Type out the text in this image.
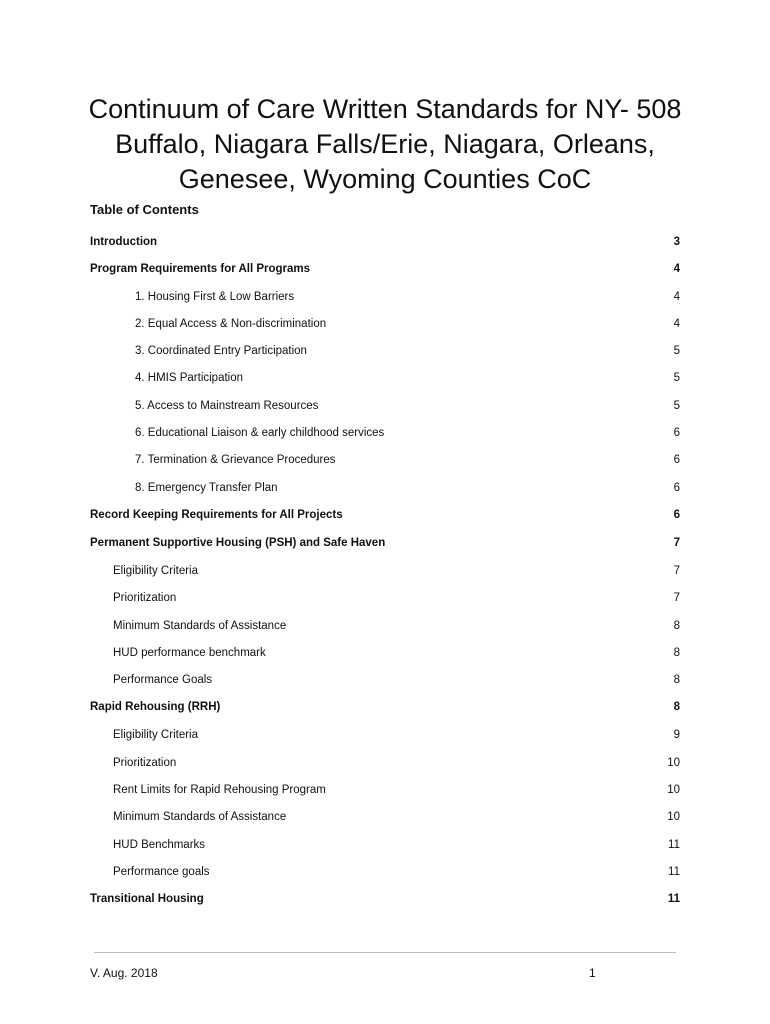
Continuum of Care Written Standards for NY- 508
Buffalo, Niagara Falls/Erie, Niagara, Orleans,
Genesee, Wyoming Counties CoC
Table of Contents
Introduction	3
Program Requirements for All Programs	4
1. Housing First & Low Barriers	4
2. Equal Access & Non-discrimination	4
3. Coordinated Entry Participation	5
4. HMIS Participation	5
5. Access to Mainstream Resources	5
6. Educational Liaison & early childhood services	6
7. Termination & Grievance Procedures	6
8. Emergency Transfer Plan	6
Record Keeping Requirements for All Projects	6
Permanent Supportive Housing (PSH) and Safe Haven	7
Eligibility Criteria	7
Prioritization	7
Minimum Standards of Assistance	8
HUD performance benchmark	8
Performance Goals	8
Rapid Rehousing (RRH)	8
Eligibility Criteria	9
Prioritization	10
Rent Limits for Rapid Rehousing Program	10
Minimum Standards of Assistance	10
HUD Benchmarks	11
Performance goals	11
Transitional Housing	11
V. Aug. 2018	1
